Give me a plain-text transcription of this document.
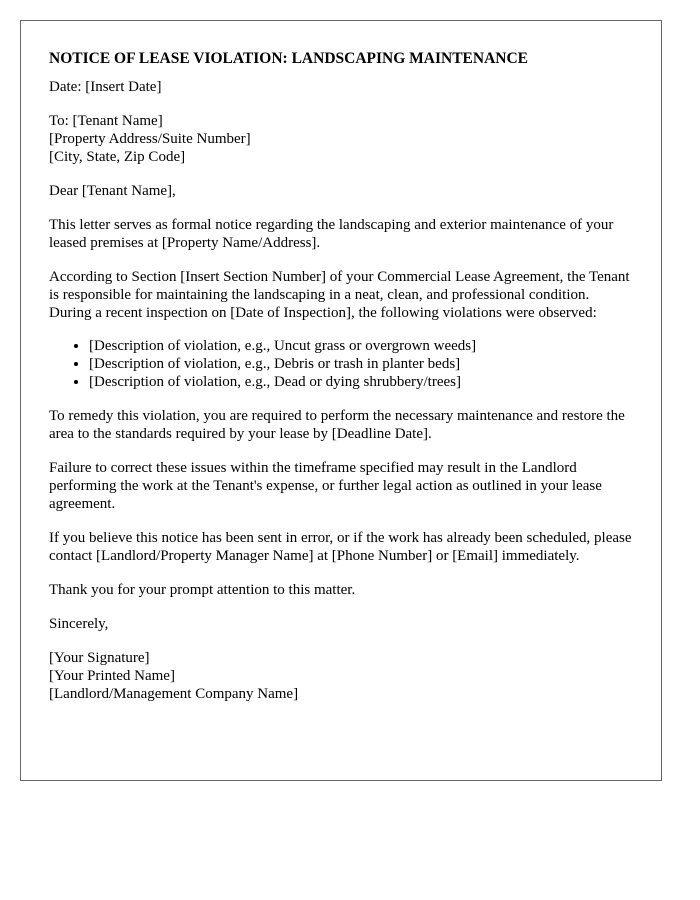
NOTICE OF LEASE VIOLATION: LANDSCAPING MAINTENANCE

Date: [Insert Date]

To: [Tenant Name]
[Property Address/Suite Number]
[City, State, Zip Code]

Dear [Tenant Name],

This letter serves as formal notice regarding the landscaping and exterior maintenance of your leased premises at [Property Name/Address].

According to Section [Insert Section Number] of your Commercial Lease Agreement, the Tenant is responsible for maintaining the landscaping in a neat, clean, and professional condition. During a recent inspection on [Date of Inspection], the following violations were observed:

• [Description of violation, e.g., Uncut grass or overgrown weeds]
• [Description of violation, e.g., Debris or trash in planter beds]
• [Description of violation, e.g., Dead or dying shrubbery/trees]

To remedy this violation, you are required to perform the necessary maintenance and restore the area to the standards required by your lease by [Deadline Date].

Failure to correct these issues within the timeframe specified may result in the Landlord performing the work at the Tenant's expense, or further legal action as outlined in your lease agreement.

If you believe this notice has been sent in error, or if the work has already been scheduled, please contact [Landlord/Property Manager Name] at [Phone Number] or [Email] immediately.

Thank you for your prompt attention to this matter.

Sincerely,

[Your Signature]
[Your Printed Name]
[Landlord/Management Company Name]
